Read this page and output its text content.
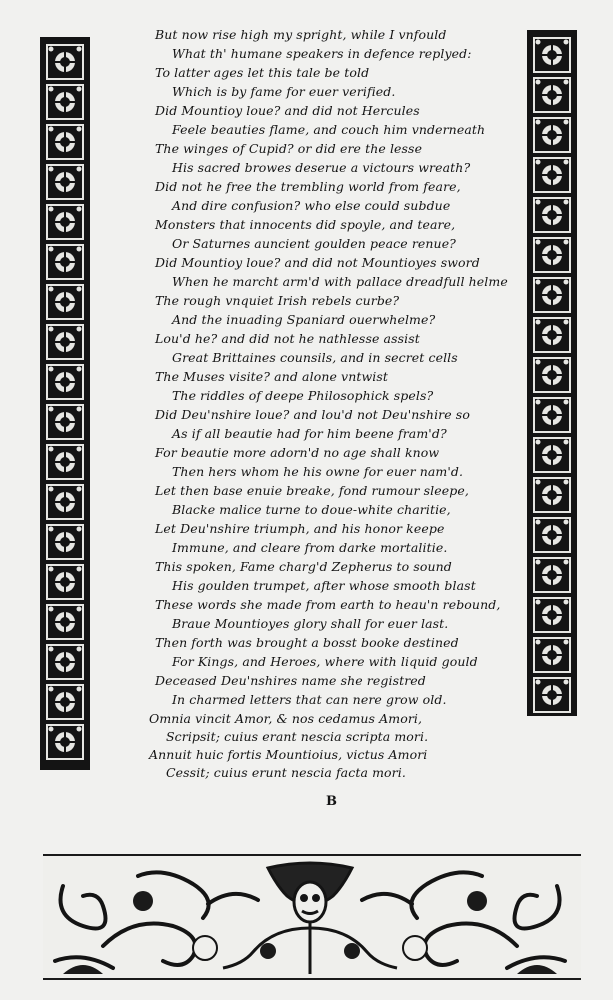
But now rise high my spright, while I vnfould
What th' humane speakers in defence replyed:
To latter ages let this tale be told
Which is by fame for euer verified.
Did Mountioy loue? and did not Hercules
Feele beauties flame, and couch him vnderneath
The winges of Cupid? or did ere the lesse
His sacred browes deserue a victours wreath?
Did not he free the trembling world from feare,
And dire confusion? who else could subdue
Monsters that innocents did spoyle, and teare,
Or Saturnes auncient goulden peace renue?
Did Mountioy loue? and did not Mountioyes sword
When he marcht arm'd with pallace dreadfull helme
The rough vnquiet Irish rebels curbe?
And the inuading Spaniard ouerwhelme?
Lou'd he? and did not he nathlesse assist
Great Brittaines counsils, and in secret cells
The Muses visite? and alone vntwist
The riddles of deepe Philosophick spels?
Did Deu'nshire loue? and lou'd not Deu'nshire so
As if all beautie had for him beene fram'd?
For beautie more adorn'd no age shall know
Then hers whom he his owne for euer nam'd.
Let then base enuie breake, fond rumour sleepe,
Blacke malice turne to doue-white charitie,
Let Deu'nshire triumph, and his honor keepe
Immune, and cleare from darke mortalitie.
This spoken, Fame charg'd Zepherus to sound
His goulden trumpet, after whose smooth blast
These words she made from earth to heau'n rebound,
Braue Mountioyes glory shall for euer last.
Then forth was brought a bosst booke destined
For Kings, and Heroes, where with liquid gould
Deceased Deu'nshires name she registred
In charmed letters that can nere grow old.
Omnia vincit Amor, & nos cedamus Amori,
Scripsit; cuius erant nescia scripta mori.
Annuit huic fortis Mountioius, victus Amori
Cessit; cuius erunt nescia facta mori.
B
